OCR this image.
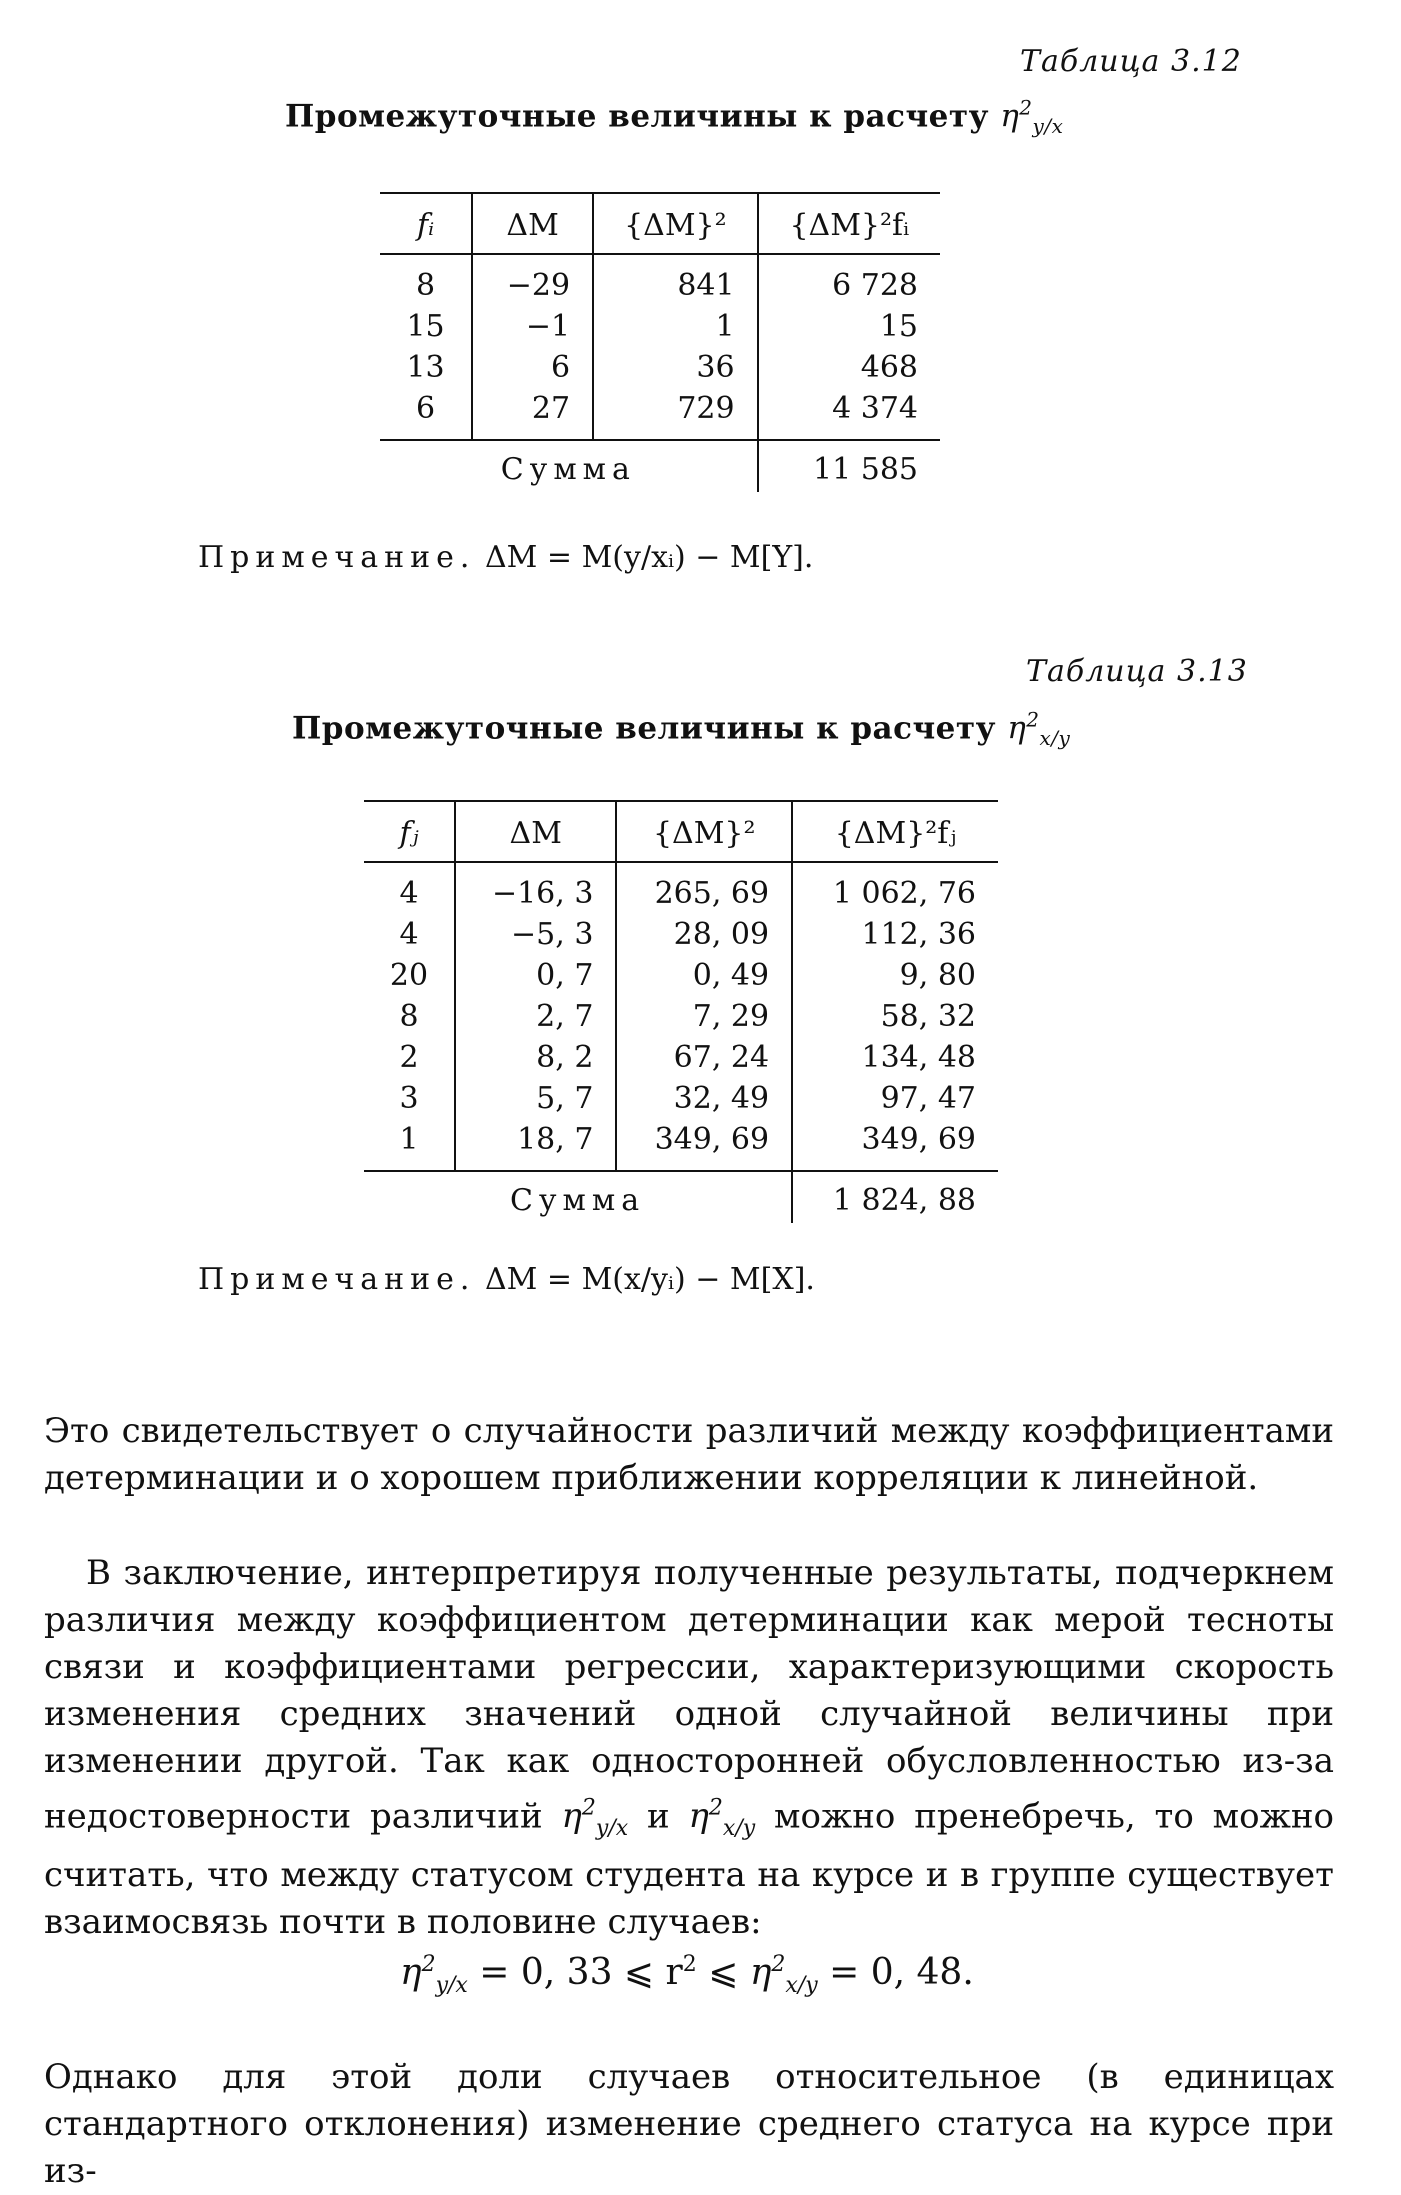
Таблица 3.12
Промежуточные величины к расчету $\eta^2_{y/x}$
fᵢ	ΔM	{ΔM}²	{ΔM}²fᵢ
8	−29	841	6 728
15	−1	1	15
13	6	36	468
6	27	729	4 374
Сумма			11 585
Примечание. ΔM = M(y/xᵢ) − M[Y].
Таблица 3.13
Промежуточные величины к расчету $\eta^2_{x/y}$
fⱼ	ΔM	{ΔM}²	{ΔM}²fⱼ
4	−16, 3	265, 69	1 062, 76
4	−5, 3	28, 09	112, 36
20	0, 7	0, 49	9, 80
8	2, 7	7, 29	58, 32
2	8, 2	67, 24	134, 48
3	5, 7	32, 49	97, 47
1	18, 7	349, 69	349, 69
Сумма			1 824, 88
Примечание. ΔM = M(x/yᵢ) − M[X].
Это свидетельствует о случайности различий между коэффициентами детерминации и о хорошем приближении корреляции к линейной.
В заключение, интерпретируя полученные результаты, подчеркнем различия между коэффициентом детерминации как мерой тесноты связи и коэффициентами регрессии, характеризующими скорость изменения средних значений одной случайной величины при изменении другой. Так как односторонней обусловленностью из-за недостоверности различий $\eta^2_{y/x}$ и $\eta^2_{x/y}$ можно пренебречь, то можно считать, что между статусом студента на курсе и в группе существует взаимосвязь почти в половине случаев:
$\eta^2_{y/x} = 0$, 33 ⩽ $r^2$ ⩽ $\eta^2_{x/y} = 0$, 48.
Однако для этой доли случаев относительное (в единицах стандартного отклонения) изменение среднего статуса на курсе при из-
